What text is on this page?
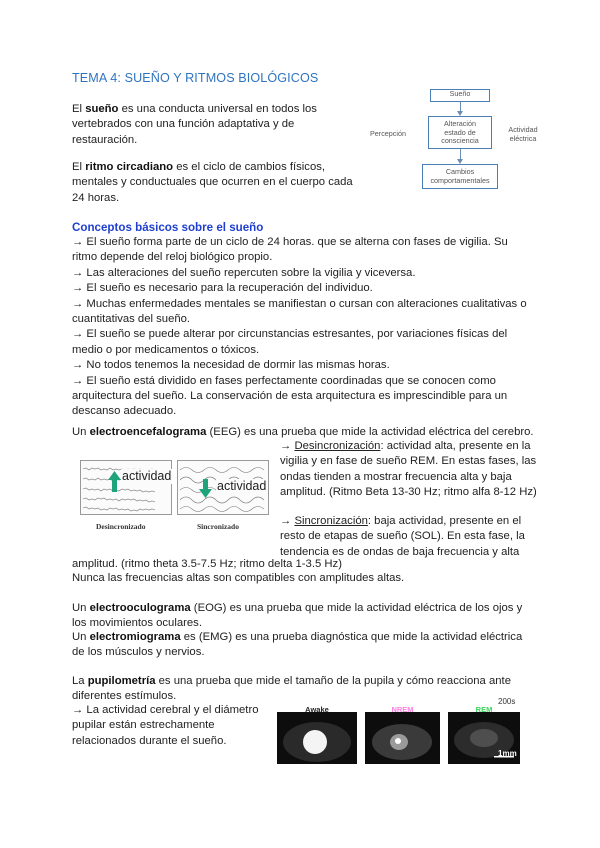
TEMA 4: SUEÑO Y RITMOS BIOLÓGICOS
El sueño es una conducta universal en todos los vertebrados con una función adaptativa y de restauración.
El ritmo circadiano es el ciclo de cambios físicos, mentales y conductuales que ocurren en el cuerpo cada 24 horas.
Sueño
Alteración estado de consciencia
Cambios comportamentales
Percepción	Actividad eléctrica
Conceptos básicos sobre el sueño
→ El sueño forma parte de un ciclo de 24 horas. que se alterna con fases de vigilia. Su ritmo depende del reloj biológico propio.
→ Las alteraciones del sueño repercuten sobre la vigilia y viceversa.
→ El sueño es necesario para la recuperación del individuo.
→ Muchas enfermedades mentales se manifiestan o cursan con alteraciones cualitativas o cuantitativas del sueño.
→ El sueño se puede alterar por circunstancias estresantes, por variaciones físicas del medio o por medicamentos o tóxicos.
→ No todos tenemos la necesidad de dormir las mismas horas.
→ El sueño está dividido en fases perfectamente coordinadas que se conocen como arquitectura del sueño. La conservación de esta arquitectura es imprescindible para un descanso adecuado.
Un electroencefalograma (EEG) es una prueba que mide la actividad eléctrica del cerebro.
actividad
Desincronizado
actividad
Sincronizado
→ Desincronización: actividad alta, presente en la vigilia y en fase de sueño REM. En estas fases, las ondas tienden a mostrar frecuencia alta y baja amplitud. (Ritmo Beta 13-30 Hz; ritmo alfa 8-12 Hz)
→ Sincronización: baja actividad, presente en el resto de etapas de sueño (SOL). En esta fase, la tendencia es de ondas de baja frecuencia y alta
amplitud. (ritmo theta 3.5-7.5 Hz; ritmo delta 1-3.5 Hz)
Nunca las frecuencias altas son compatibles con amplitudes altas.
Un electrooculograma (EOG) es una prueba que mide la actividad eléctrica de los ojos y los movimientos oculares.
Un electromiograma es (EMG) es una prueba diagnóstica que mide la actividad eléctrica de los músculos y nervios.
La pupilometría es una prueba que mide el tamaño de la pupila y cómo reacciona ante diferentes estímulos.
→ La actividad cerebral y el diámetro pupilar están estrechamente relacionados durante el sueño.
200s
Awake	NREM
1mm
REM
